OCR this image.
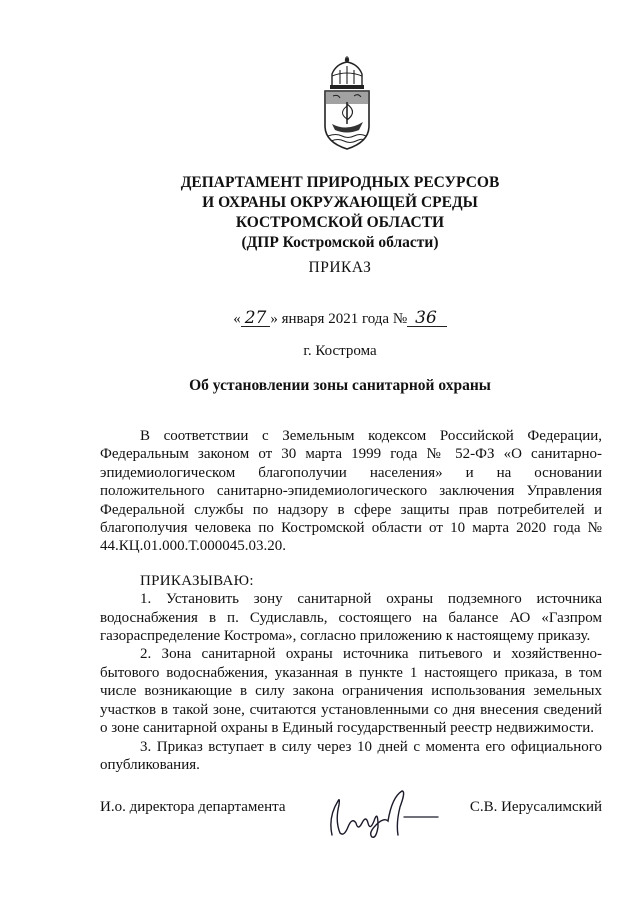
ДЕПАРТАМЕНТ ПРИРОДНЫХ РЕСУРСОВ
И ОХРАНЫ ОКРУЖАЮЩЕЙ СРЕДЫ
КОСТРОМСКОЙ ОБЛАСТИ
(ДПР Костромской области)
ПРИКАЗ
« 27 » января 2021 года № 36
г. Кострома
Об установлении зоны санитарной охраны

В соответствии с Земельным кодексом Российской Федерации, Федеральным законом от 30 марта 1999 года № 52-ФЗ «О санитарно-эпидемиологическом благополучии населения» и на основании положительного санитарно-эпидемиологического заключения Управления Федеральной службы по надзору в сфере защиты прав потребителей и благополучия человека по Костромской области от 10 марта 2020 года № 44.КЦ.01.000.Т.000045.03.20.

ПРИКАЗЫВАЮ:

1. Установить зону санитарной охраны подземного источника водоснабжения в п. Судиславль, состоящего на балансе АО «Газпром газораспределение Кострома», согласно приложению к настоящему приказу.

2. Зона санитарной охраны источника питьевого и хозяйственно-бытового водоснабжения, указанная в пункте 1 настоящего приказа, в том числе возникающие в силу закона ограничения использования земельных участков в такой зоне, считаются установленными со дня внесения сведений о зоне санитарной охраны в Единый государственный реестр недвижимости.

3. Приказ вступает в силу через 10 дней с момента его официального опубликования.

И.о. директора департамента	С.В. Иерусалимский
